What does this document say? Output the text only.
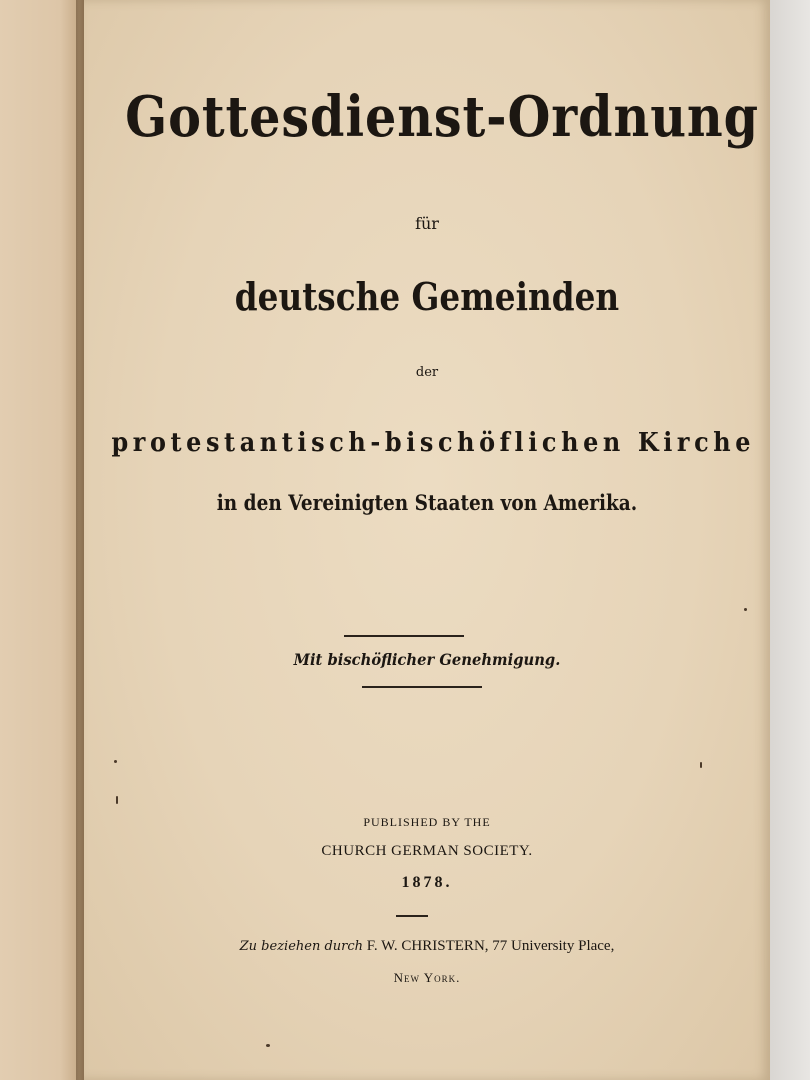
Gottesdienst-Ordnung
für
deutsche Gemeinden
der
protestantisch-bischöflichen Kirche
in den Vereinigten Staaten von Amerika.
Mit bischöflicher Genehmigung.
PUBLISHED BY THE
CHURCH GERMAN SOCIETY.
1878.
Zu beziehen durch F. W. CHRISTERN, 77 University Place,
New York.
